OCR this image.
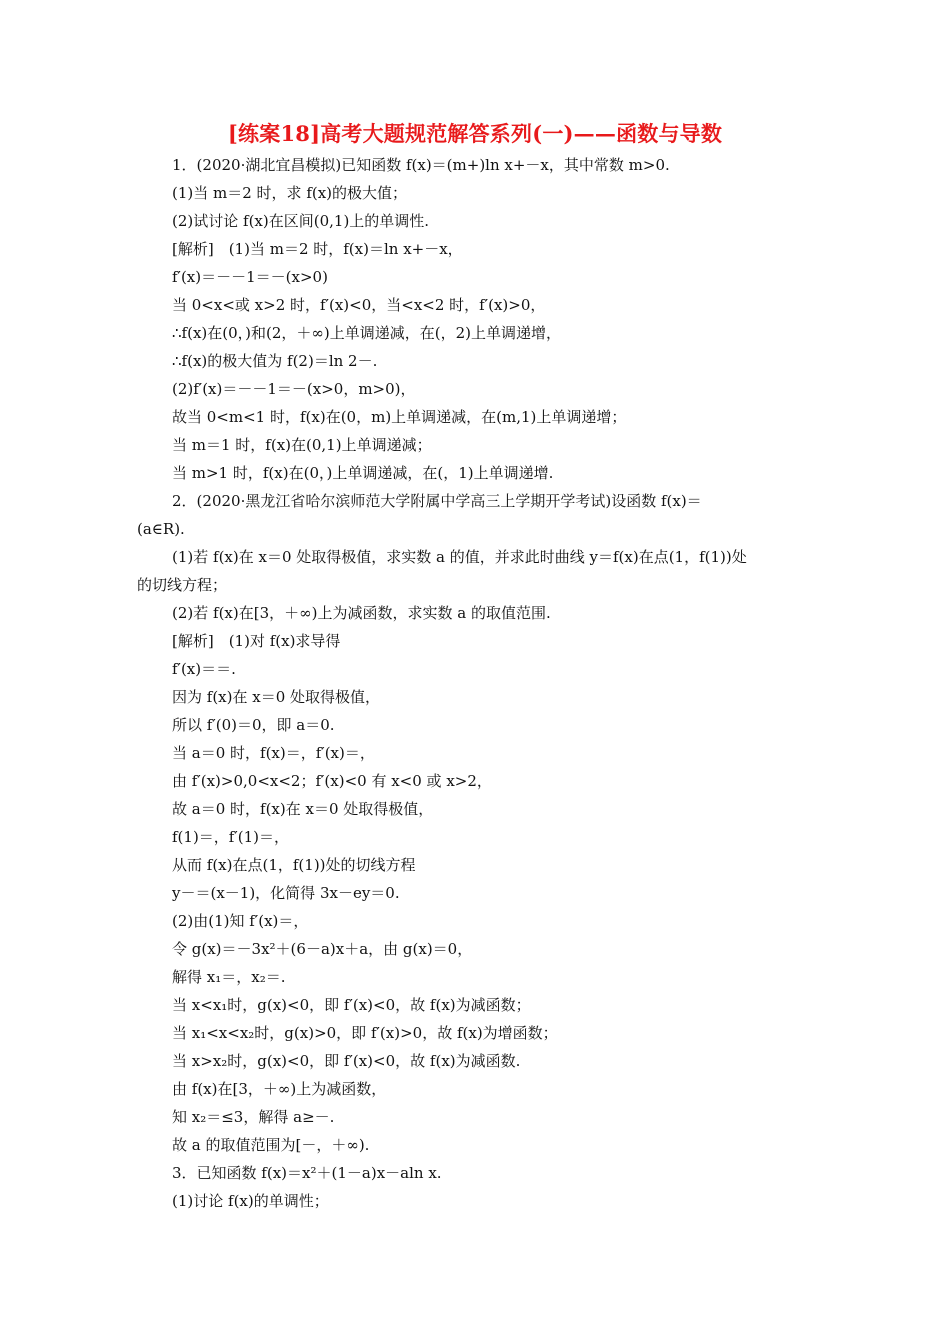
[练案18]高考大题规范解答系列(一)——函数与导数
1．(2020·湖北宜昌模拟)已知函数 f(x)＝(m+)ln x+－x，其中常数 m>0.
(1)当 m＝2 时，求 f(x)的极大值；
(2)试讨论 f(x)在区间(0,1)上的单调性.
[解析]　(1)当 m＝2 时，f(x)＝ln x+－x，
f′(x)＝－－1＝－(x>0)
当 0<x<或 x>2 时，f′(x)<0，当<x<2 时，f′(x)>0，
∴f(x)在(0，)和(2，＋∞)上单调递减，在(，2)上单调递增，
∴f(x)的极大值为 f(2)＝ln 2－.
(2)f′(x)＝－－1＝－(x>0，m>0)，
故当 0<m<1 时，f(x)在(0，m)上单调递减，在(m,1)上单调递增；
当 m＝1 时，f(x)在(0,1)上单调递减；
当 m>1 时，f(x)在(0，)上单调递减，在(，1)上单调递增.
2．(2020·黑龙江省哈尔滨师范大学附属中学高三上学期开学考试)设函数 f(x)＝
(a∈R).
(1)若 f(x)在 x＝0 处取得极值，求实数 a 的值，并求此时曲线 y＝f(x)在点(1，f(1))处
的切线方程；
(2)若 f(x)在[3，＋∞)上为减函数，求实数 a 的取值范围.
[解析]　(1)对 f(x)求导得
f′(x)＝＝.
因为 f(x)在 x＝0 处取得极值，
所以 f′(0)＝0，即 a＝0.
当 a＝0 时，f(x)＝，f′(x)＝，
由 f′(x)>0,0<x<2；f′(x)<0 有 x<0 或 x>2，
故 a＝0 时，f(x)在 x＝0 处取得极值，
f(1)＝，f′(1)＝，
从而 f(x)在点(1，f(1))处的切线方程
y－＝(x－1)，化简得 3x－ey＝0.
(2)由(1)知 f′(x)＝，
令 g(x)＝－3x²＋(6－a)x＋a，由 g(x)＝0，
解得 x₁＝，x₂＝.
当 x<x₁时，g(x)<0，即 f′(x)<0，故 f(x)为减函数；
当 x₁<x<x₂时，g(x)>0，即 f′(x)>0，故 f(x)为增函数；
当 x>x₂时，g(x)<0，即 f′(x)<0，故 f(x)为减函数.
由 f(x)在[3，＋∞)上为减函数，
知 x₂＝≤3，解得 a≥－.
故 a 的取值范围为[－，＋∞).
3．已知函数 f(x)＝x²＋(1－a)x－aln x.
(1)讨论 f(x)的单调性；
